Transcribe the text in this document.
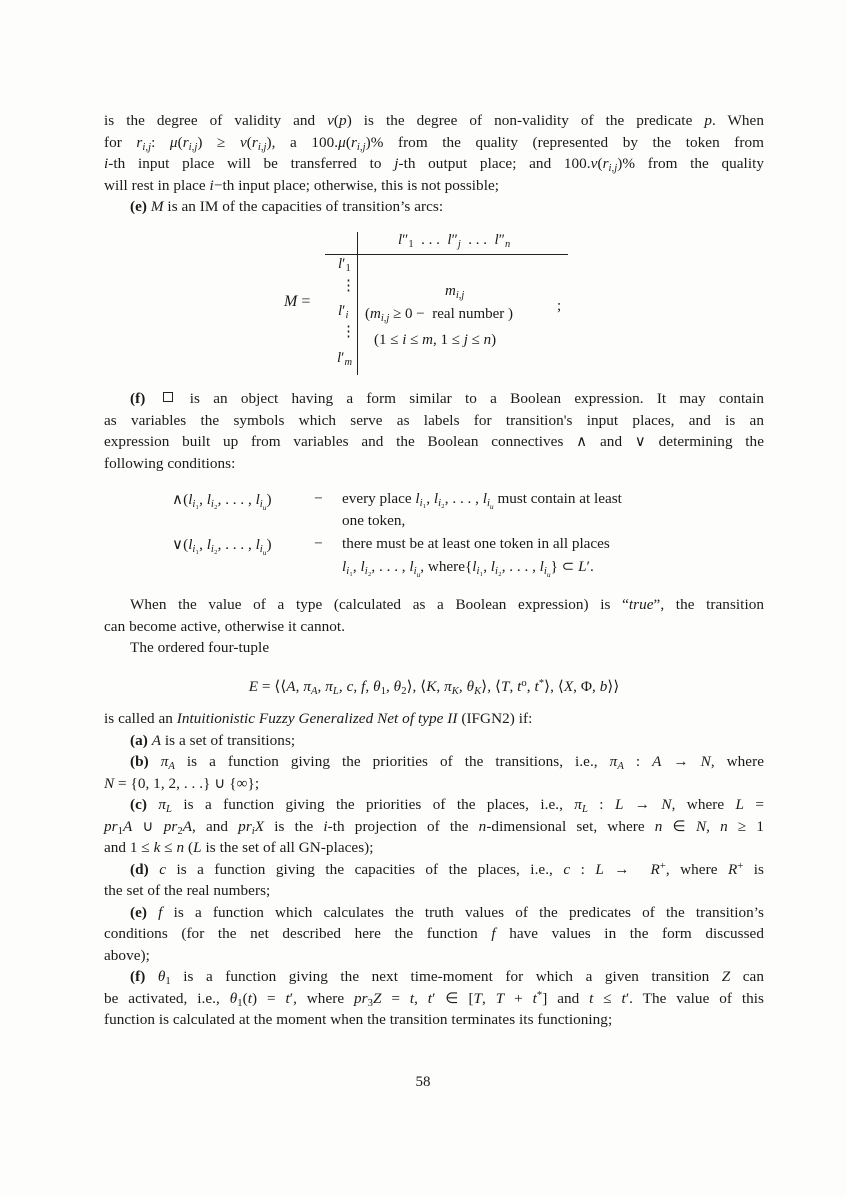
is the degree of validity and ν(p) is the degree of non-validity of the predicate p. When
for $r_{i,j}$: $\mu(r_{i,j}) \ge \nu(r_{i,j})$, a $100.\mu(r_{i,j})\%$ from the quality (represented by the token from
i-th input place will be transferred to j-th output place; and $100.\nu(r_{i,j})\%$ from the quality
will rest in place i−th input place; otherwise, this is not possible;
(e) M is an IM of the capacities of transition’s arcs:
M =
$l''_1$  . . .  $l''_j$  . . .  $l''_n$
$l'_1$
⋮
$l'_i$
⋮
$l'_m$
$m_{i,j}$
($m_{i,j} \ge 0$ −  real number )
(1 ≤ i ≤ m, 1 ≤ j ≤ n)
;
(f)  is an object having a form similar to a Boolean expression. It may contain
as variables the symbols which serve as labels for transition's input places, and is an
expression built up from variables and the Boolean connectives ∧ and ∨ determining the
following conditions:
$\wedge(l_{i_1}$, $l_{i_2}$, . . . , $l_{i_u}$)	− every place $l_{i_1}$, $l_{i_2}$, . . . , $l_{i_u}$ must contain at least
one token,
$\vee(l_{i_1}$, $l_{i_2}$, . . . , $l_{i_u}$)	− there must be at least one token in all places
$l_{i_1}$, $l_{i_2}$, . . . , $l_{i_u}$, $where\{l_{i_1}$, $l_{i_2}$, . . . , $l_{i_u}$} ⊂ L′.
When the value of a type (calculated as a Boolean expression) is “true”, the transition
can become active, otherwise it cannot.
The ordered four-tuple
E = ⟨⟨A, $\pi_A$, $\pi_L$, c, f, $\theta_1$, $\theta_2⟩$, ⟨K, $\pi_K$, $\theta_K⟩$, ⟨T, $t^o$, t*⟩, ⟨X, Φ, b⟩⟩
is called an Intuitionistic Fuzzy Generalized Net of type II (IFGN2) if:
(a) A is a set of transitions;
(b) $\pi_A$ is a function giving the priorities of the transitions, i.e., $\pi_A$ : A → N, where
N = {0, 1, 2, . . .} ∪ {∞};
(c) $\pi_L$ is a function giving the priorities of the places, i.e., $\pi_L$ : L → N, where L =
$pr_1A$ ∪ $pr_2A$, and $pr_iX$ is the i-th projection of the n-dimensional set, where n ∈ N, n ≥ 1
and 1 ≤ k ≤ n (L is the set of all GN-places);
(d) c is a function giving the capacities of the places, i.e., c : L →  R+, where R+ is
the set of the real numbers;
(e) f is a function which calculates the truth values of the predicates of the transition’s
conditions (for the net described here the function f have values in the form discussed
above);
(f) $\theta_1$ is a function giving the next time-moment for which a given transition Z can
be activated, i.e., $\theta_1(t) = t'$, where $pr_3Z = t$, t′ ∈ [T, T + t*] and t ≤ t′. The value of this
function is calculated at the moment when the transition terminates its functioning;
58
